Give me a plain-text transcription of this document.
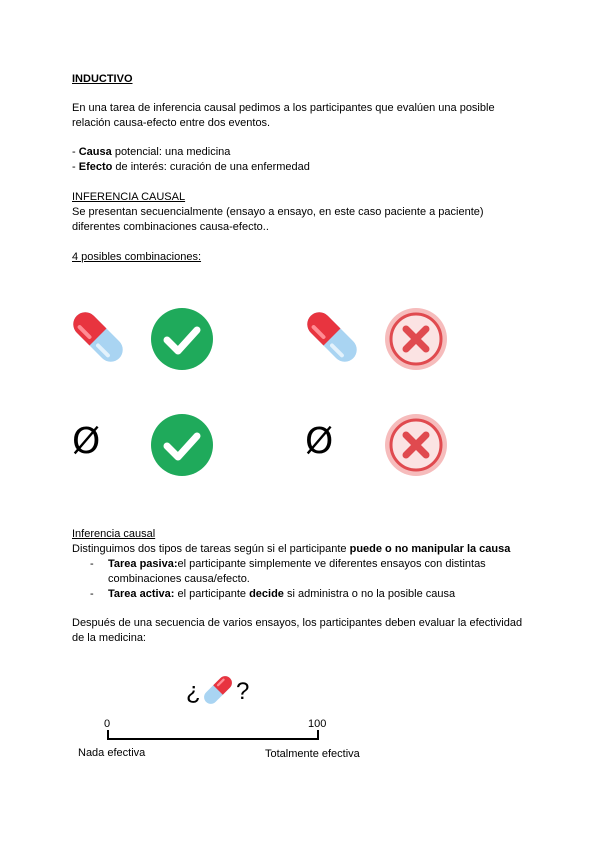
INDUCTIVO

En una tarea de inferencia causal pedimos a los participantes que evalúen una posible relación causa-efecto entre dos eventos.

- Causa potencial: una medicina
- Efecto de interés: curación de una enfermedad
INFERENCIA CAUSAL

Se presentan secuencialmente (ensayo a ensayo, en este caso paciente a paciente) diferentes combinaciones causa-efecto..

4 posibles combinaciones:
Ø	Ø
Inferencia causal

Distinguimos dos tipos de tareas según si el participante puede o no manipular la causa

- Tarea pasiva:el participante simplemente ve diferentes ensayos con distintas combinaciones causa/efecto.
- Tarea activa: el participante decide si administra o no la posible causa

Después de una secuencia de varios ensayos, los participantes deben evaluar la efectividad de la medicina:

¿ ?
0	100
Nada efectiva	Totalmente efectiva
